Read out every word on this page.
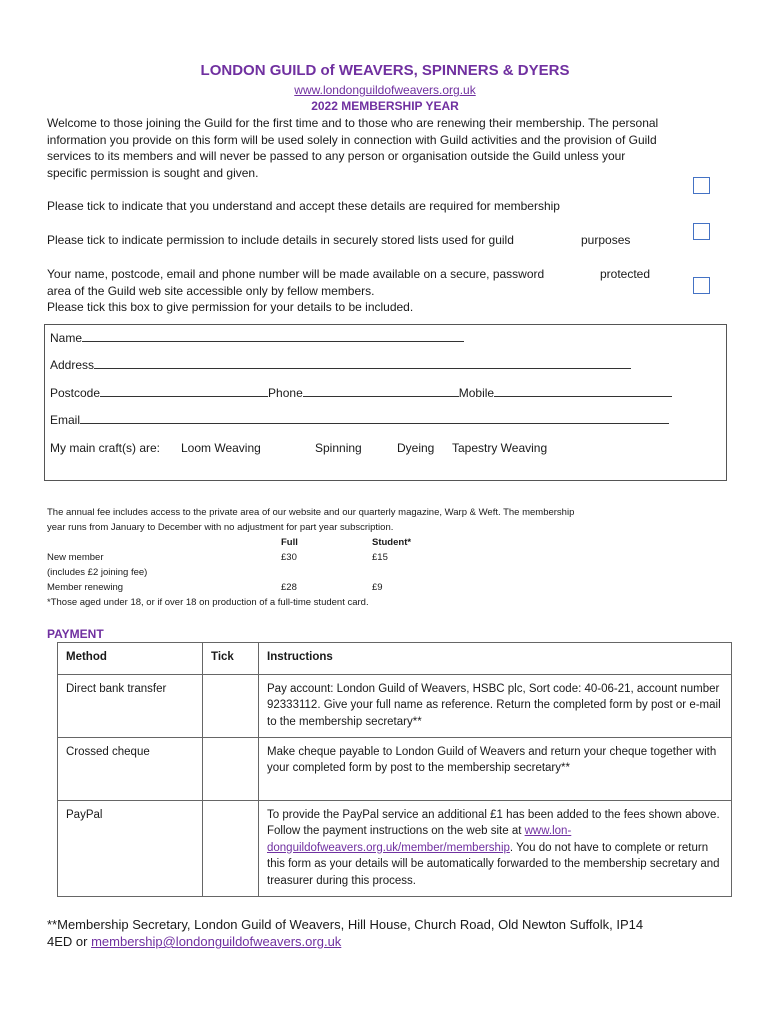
LONDON GUILD of WEAVERS, SPINNERS & DYERS
www.londonguildofweavers.org.uk
2022 MEMBERSHIP YEAR
Welcome to those joining the Guild for the first time and to those who are renewing their membership. The personal
information you provide on this form will be used solely in connection with Guild activities and the provision of Guild
services to its members and will never be passed to any person or organisation outside the Guild unless your
specific permission is sought and given.
Please tick to indicate that you understand and accept these details are required for membership
Please tick to indicate permission to include details in securely stored lists used for guild	purposes
Your name, postcode, email and phone number will be made available on a secure, password
area of the Guild web site accessible only by fellow members.
Please tick this box to give permission for your details to be included.
protected
Name
Address
Postcode	Phone	Mobile
Email
My main craft(s) are: Loom Weaving	Spinning	Dyeing Tapestry Weaving
The annual fee includes access to the private area of our website and our quarterly magazine, Warp & Weft. The membership
year runs from January to December with no adjustment for part year subscription.
Full	Student*
New member	£30	£15
(includes £2 joining fee)
Member renewing	£28	£9
*Those aged under 18, or if over 18 on production of a full-time student card.
PAYMENT
Method	Tick	Instructions
Direct bank transfer		Pay account: London Guild of Weavers, HSBC plc, Sort code: 40-06-21, account number 92333112. Give your full name as reference. Return the completed form by post or e-mail to the membership secretary**
Crossed cheque		Make cheque payable to London Guild of Weavers and return your cheque together with your completed form by post to the membership secretary**
PayPal		To provide the PayPal service an additional £1 has been added to the fees shown above. Follow the payment instructions on the web site at www.londonguildofweavers.org.uk/member/membership. You do not have to complete or return this form as your details will be automatically forwarded to the membership secretary and treasurer during this process.
**Membership Secretary, London Guild of Weavers, Hill House, Church Road, Old Newton Suffolk, IP14
4ED or membership@londonguildofweavers.org.uk
